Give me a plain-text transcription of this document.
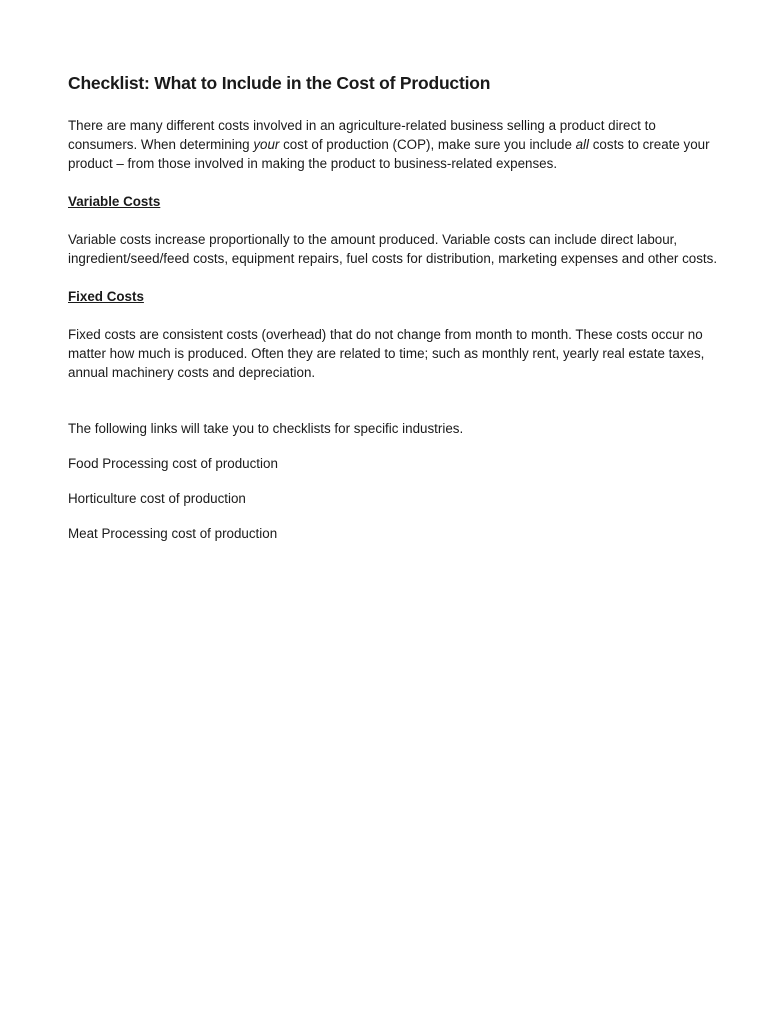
Checklist: What to Include in the Cost of Production

There are many different costs involved in an agriculture-related business selling a product direct to consumers. When determining your cost of production (COP), make sure you include all costs to create your product – from those involved in making the product to business-related expenses.

Variable Costs

Variable costs increase proportionally to the amount produced. Variable costs can include direct labour, ingredient/seed/feed costs, equipment repairs, fuel costs for distribution, marketing expenses and other costs.

Fixed Costs

Fixed costs are consistent costs (overhead) that do not change from month to month. These costs occur no matter how much is produced. Often they are related to time; such as monthly rent, yearly real estate taxes, annual machinery costs and depreciation.

The following links will take you to checklists for specific industries.

Food Processing cost of production

Horticulture cost of production

Meat Processing cost of production
